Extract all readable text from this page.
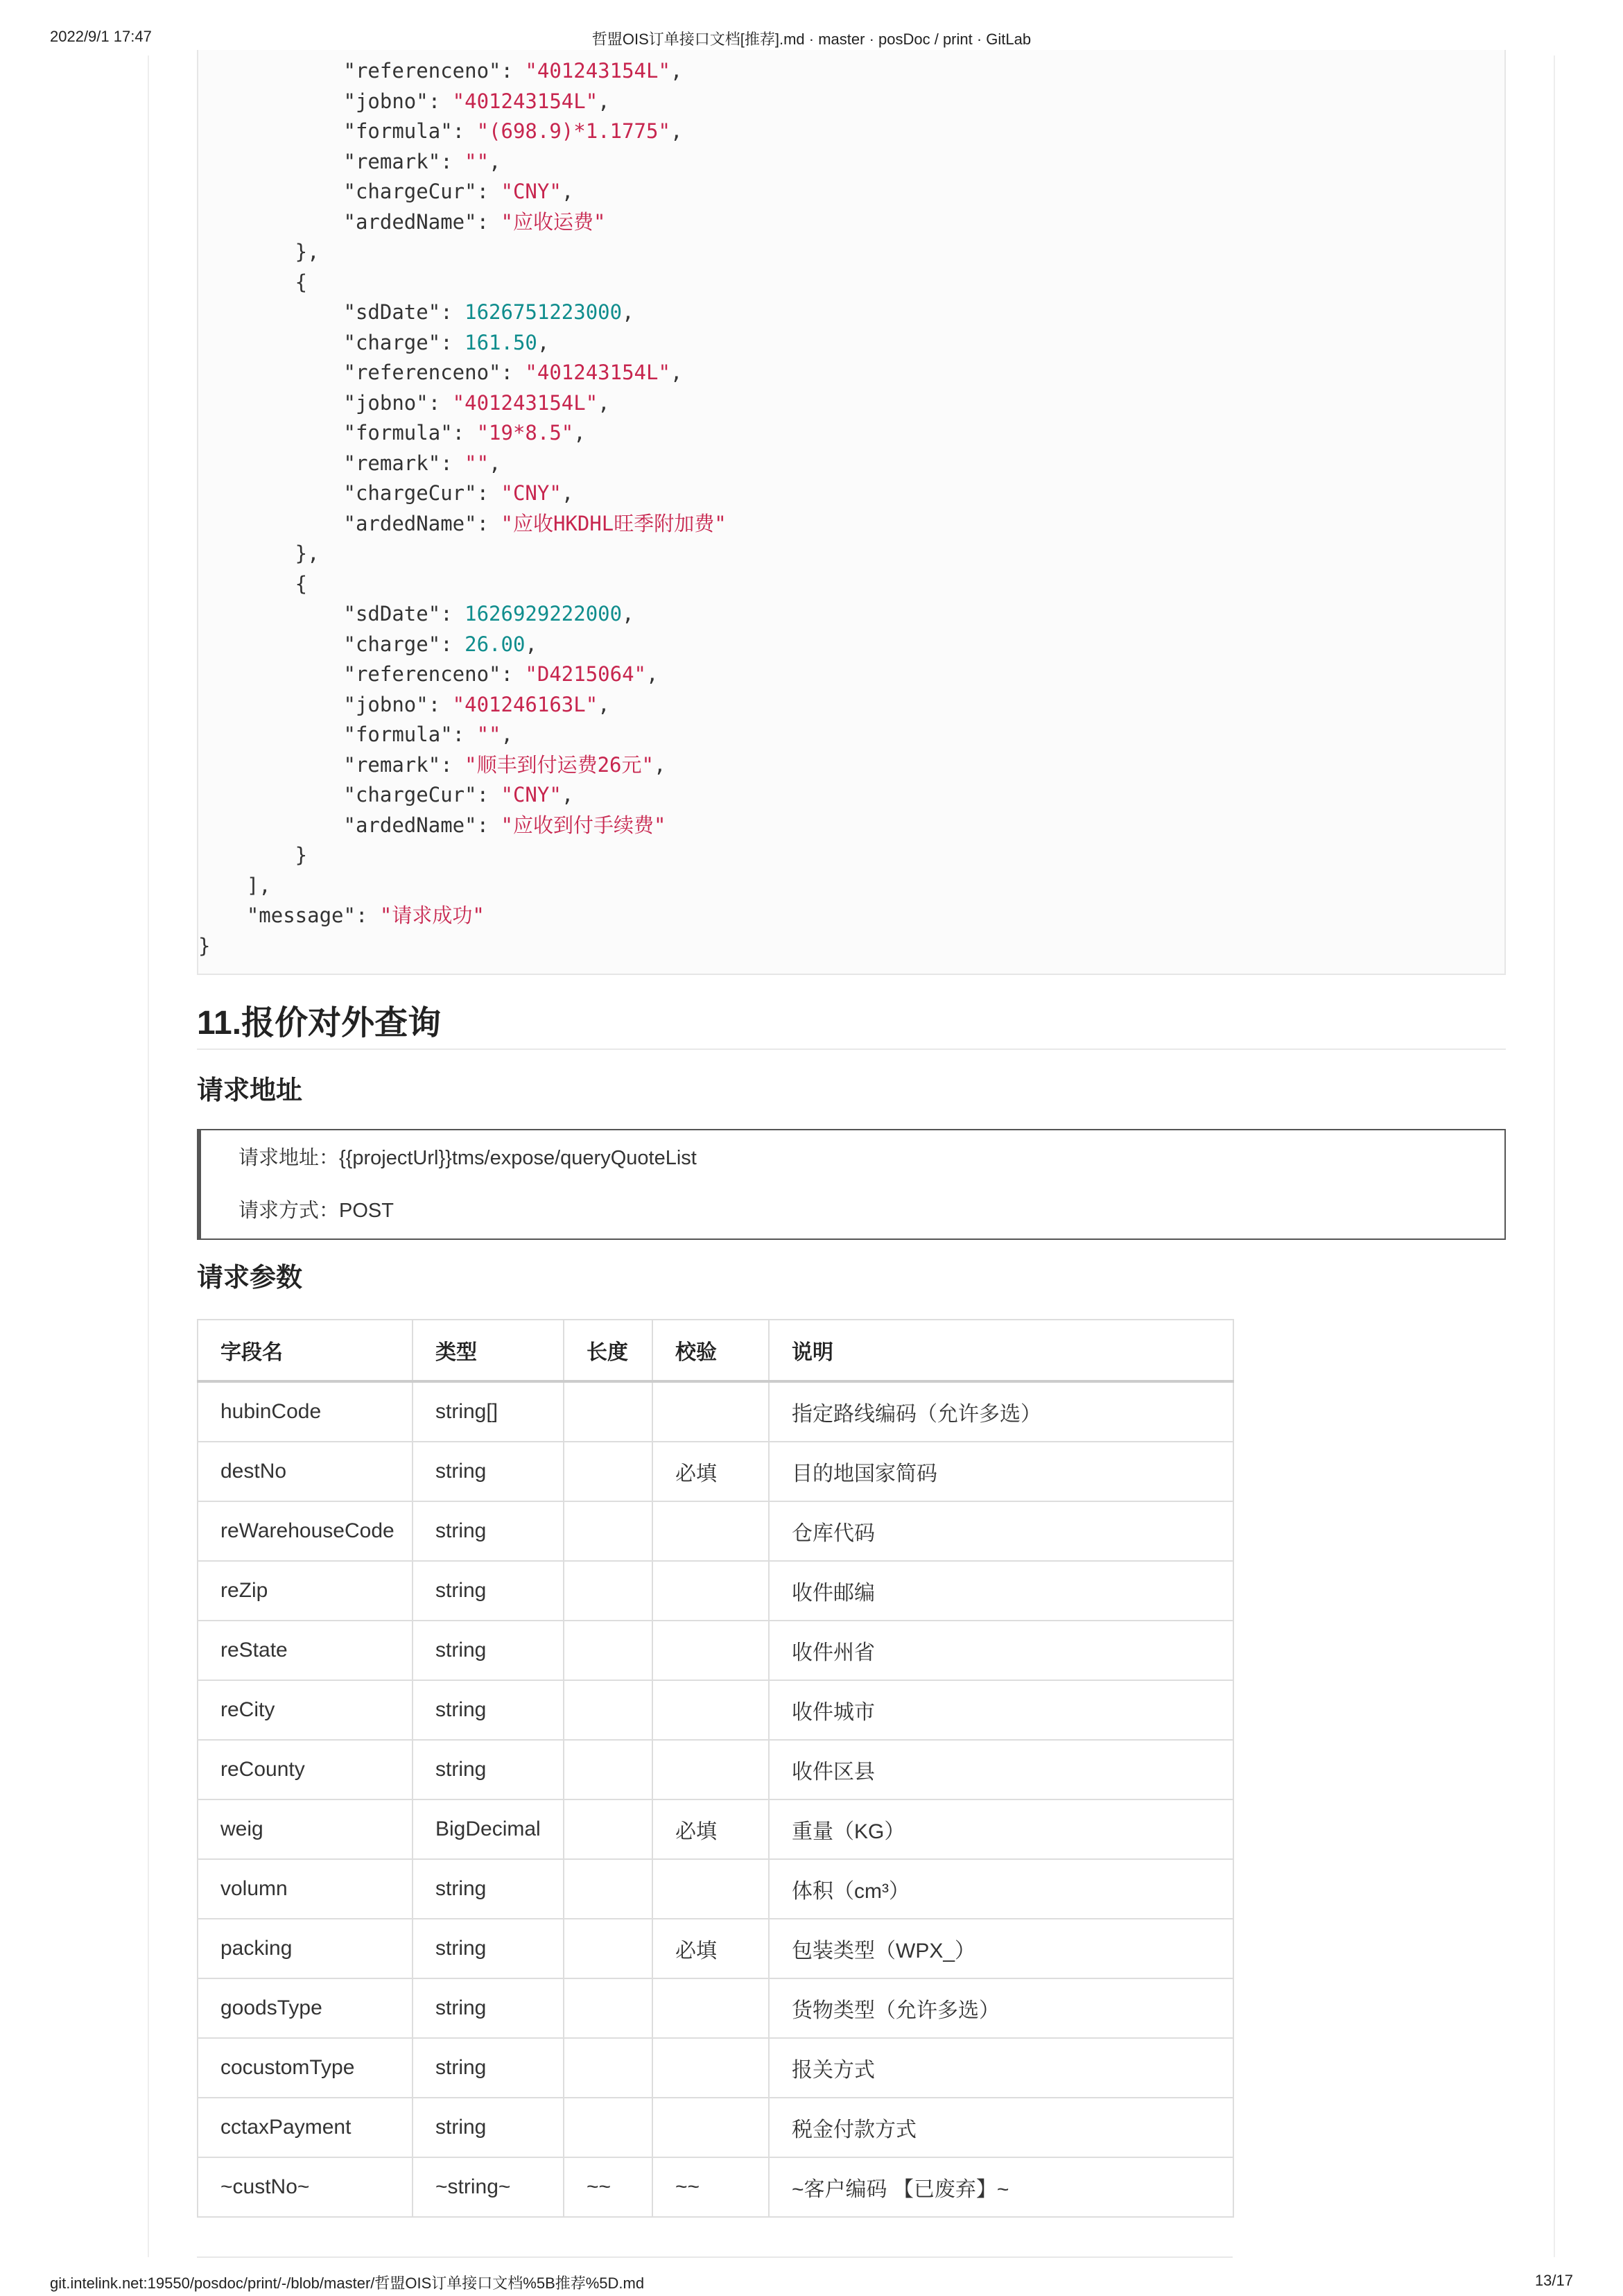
2022/9/1 17:47	哲盟OIS订单接口文档[推荐].md · master · posDoc / print · GitLab
"referenceno": "401243154L",
"jobno": "401243154L",
"formula": "(698.9)*1.1775",
"remark": "",
"chargeCur": "CNY",
"ardedName": "应收运费"
},
{
"sdDate": 1626751223000,
"charge": 161.50,
"referenceno": "401243154L",
"jobno": "401243154L",
"formula": "19*8.5",
"remark": "",
"chargeCur": "CNY",
"ardedName": "应收HKDHL旺季附加费"
},
{
"sdDate": 1626929222000,
"charge": 26.00,
"referenceno": "D4215064",
"jobno": "401246163L",
"formula": "",
"remark": "顺丰到付运费26元",
"chargeCur": "CNY",
"ardedName": "应收到付手续费"
}
],
"message": "请求成功"
}
11.报价对外查询
请求地址
请求地址：{{projectUrl}}tms/expose/queryQuoteList
请求方式：POST
请求参数
字段名	类型	长度	校验	说明
hubinCode	string[]			指定路线编码（允许多选）
destNo	string		必填	目的地国家简码
reWarehouseCode	string			仓库代码
reZip	string			收件邮编
reState	string			收件州省
reCity	string			收件城市
reCounty	string			收件区县
weig	BigDecimal		必填	重量（KG）
volumn	string			体积（cm³）
packing	string		必填	包装类型（WPX_）
goodsType	string			货物类型（允许多选）
cocustomType	string			报关方式
cctaxPayment	string			税金付款方式
~custNo~	~string~	~~	~~	~客户编码 【已废弃】~
git.intelink.net:19550/posdoc/print/-/blob/master/哲盟OIS订单接口文档%5B推荐%5D.md	13/17
